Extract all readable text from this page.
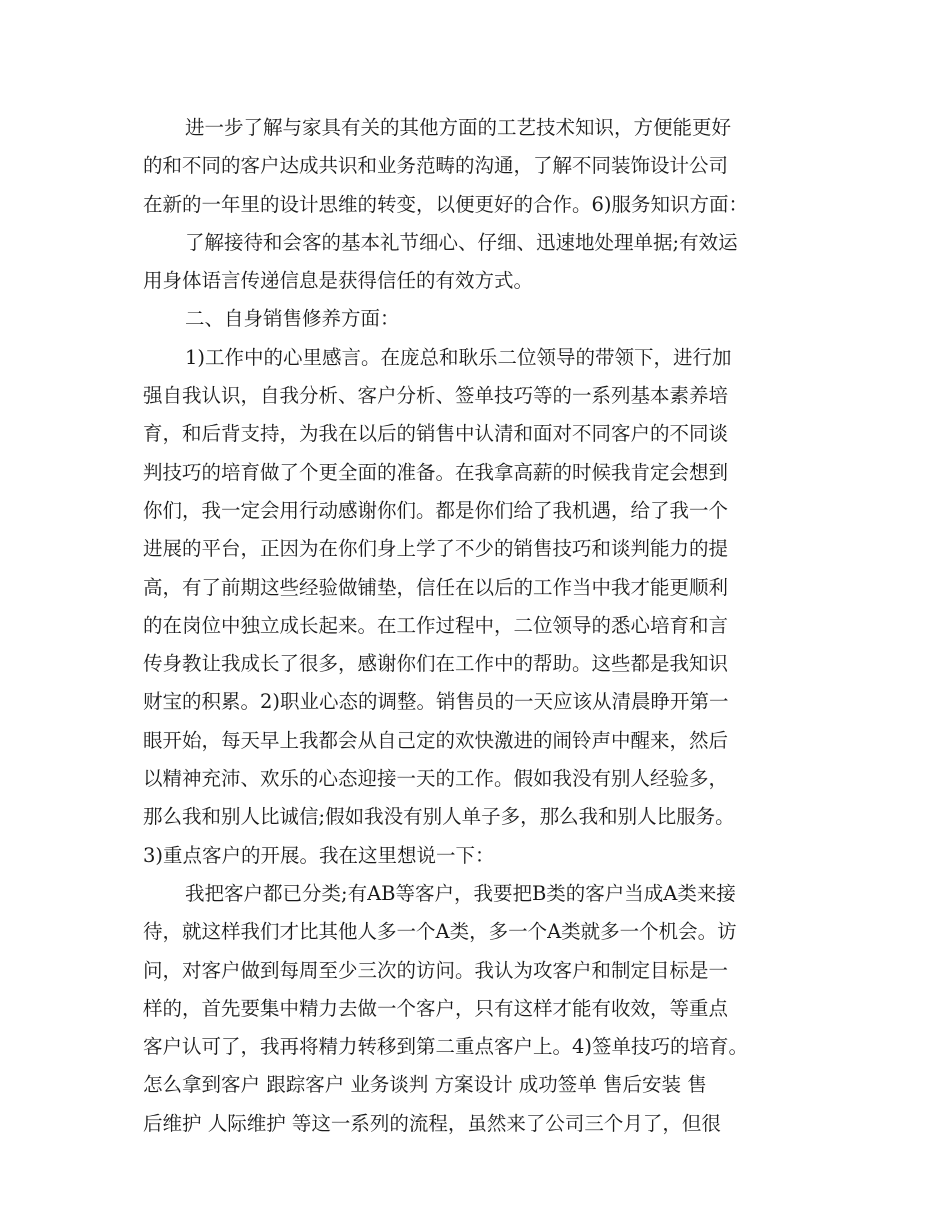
进一步了解与家具有关的其他方面的工艺技术知识，方便能更好
的和不同的客户达成共识和业务范畴的沟通，了解不同装饰设计公司
在新的一年里的设计思维的转变，以便更好的合作。6)服务知识方面：
了解接待和会客的基本礼节细心、仔细、迅速地处理单据;有效运
用身体语言传递信息是获得信任的有效方式。
二、自身销售修养方面：
1)工作中的心里感言。在庞总和耿乐二位领导的带领下，进行加
强自我认识，自我分析、客户分析、签单技巧等的一系列基本素养培
育，和后背支持，为我在以后的销售中认清和面对不同客户的不同谈
判技巧的培育做了个更全面的准备。在我拿高薪的时候我肯定会想到
你们，我一定会用行动感谢你们。都是你们给了我机遇，给了我一个
进展的平台，正因为在你们身上学了不少的销售技巧和谈判能力的提
高，有了前期这些经验做铺垫，信任在以后的工作当中我才能更顺利
的在岗位中独立成长起来。在工作过程中，二位领导的悉心培育和言
传身教让我成长了很多，感谢你们在工作中的帮助。这些都是我知识
财宝的积累。2)职业心态的调整。销售员的一天应该从清晨睁开第一
眼开始，每天早上我都会从自己定的欢快激进的闹铃声中醒来，然后
以精神充沛、欢乐的心态迎接一天的工作。假如我没有别人经验多，
那么我和别人比诚信;假如我没有别人单子多，那么我和别人比服务。
3)重点客户的开展。我在这里想说一下：
我把客户都已分类;有AB等客户，我要把B类的客户当成A类来接
待，就这样我们才比其他人多一个A类，多一个A类就多一个机会。访
问，对客户做到每周至少三次的访问。我认为攻客户和制定目标是一
样的，首先要集中精力去做一个客户，只有这样才能有收效，等重点
客户认可了，我再将精力转移到第二重点客户上。4)签单技巧的培育。
怎么拿到客户 跟踪客户 业务谈判 方案设计 成功签单 售后安装 售
后维护 人际维护 等这一系列的流程，虽然来了公司三个月了，但很
